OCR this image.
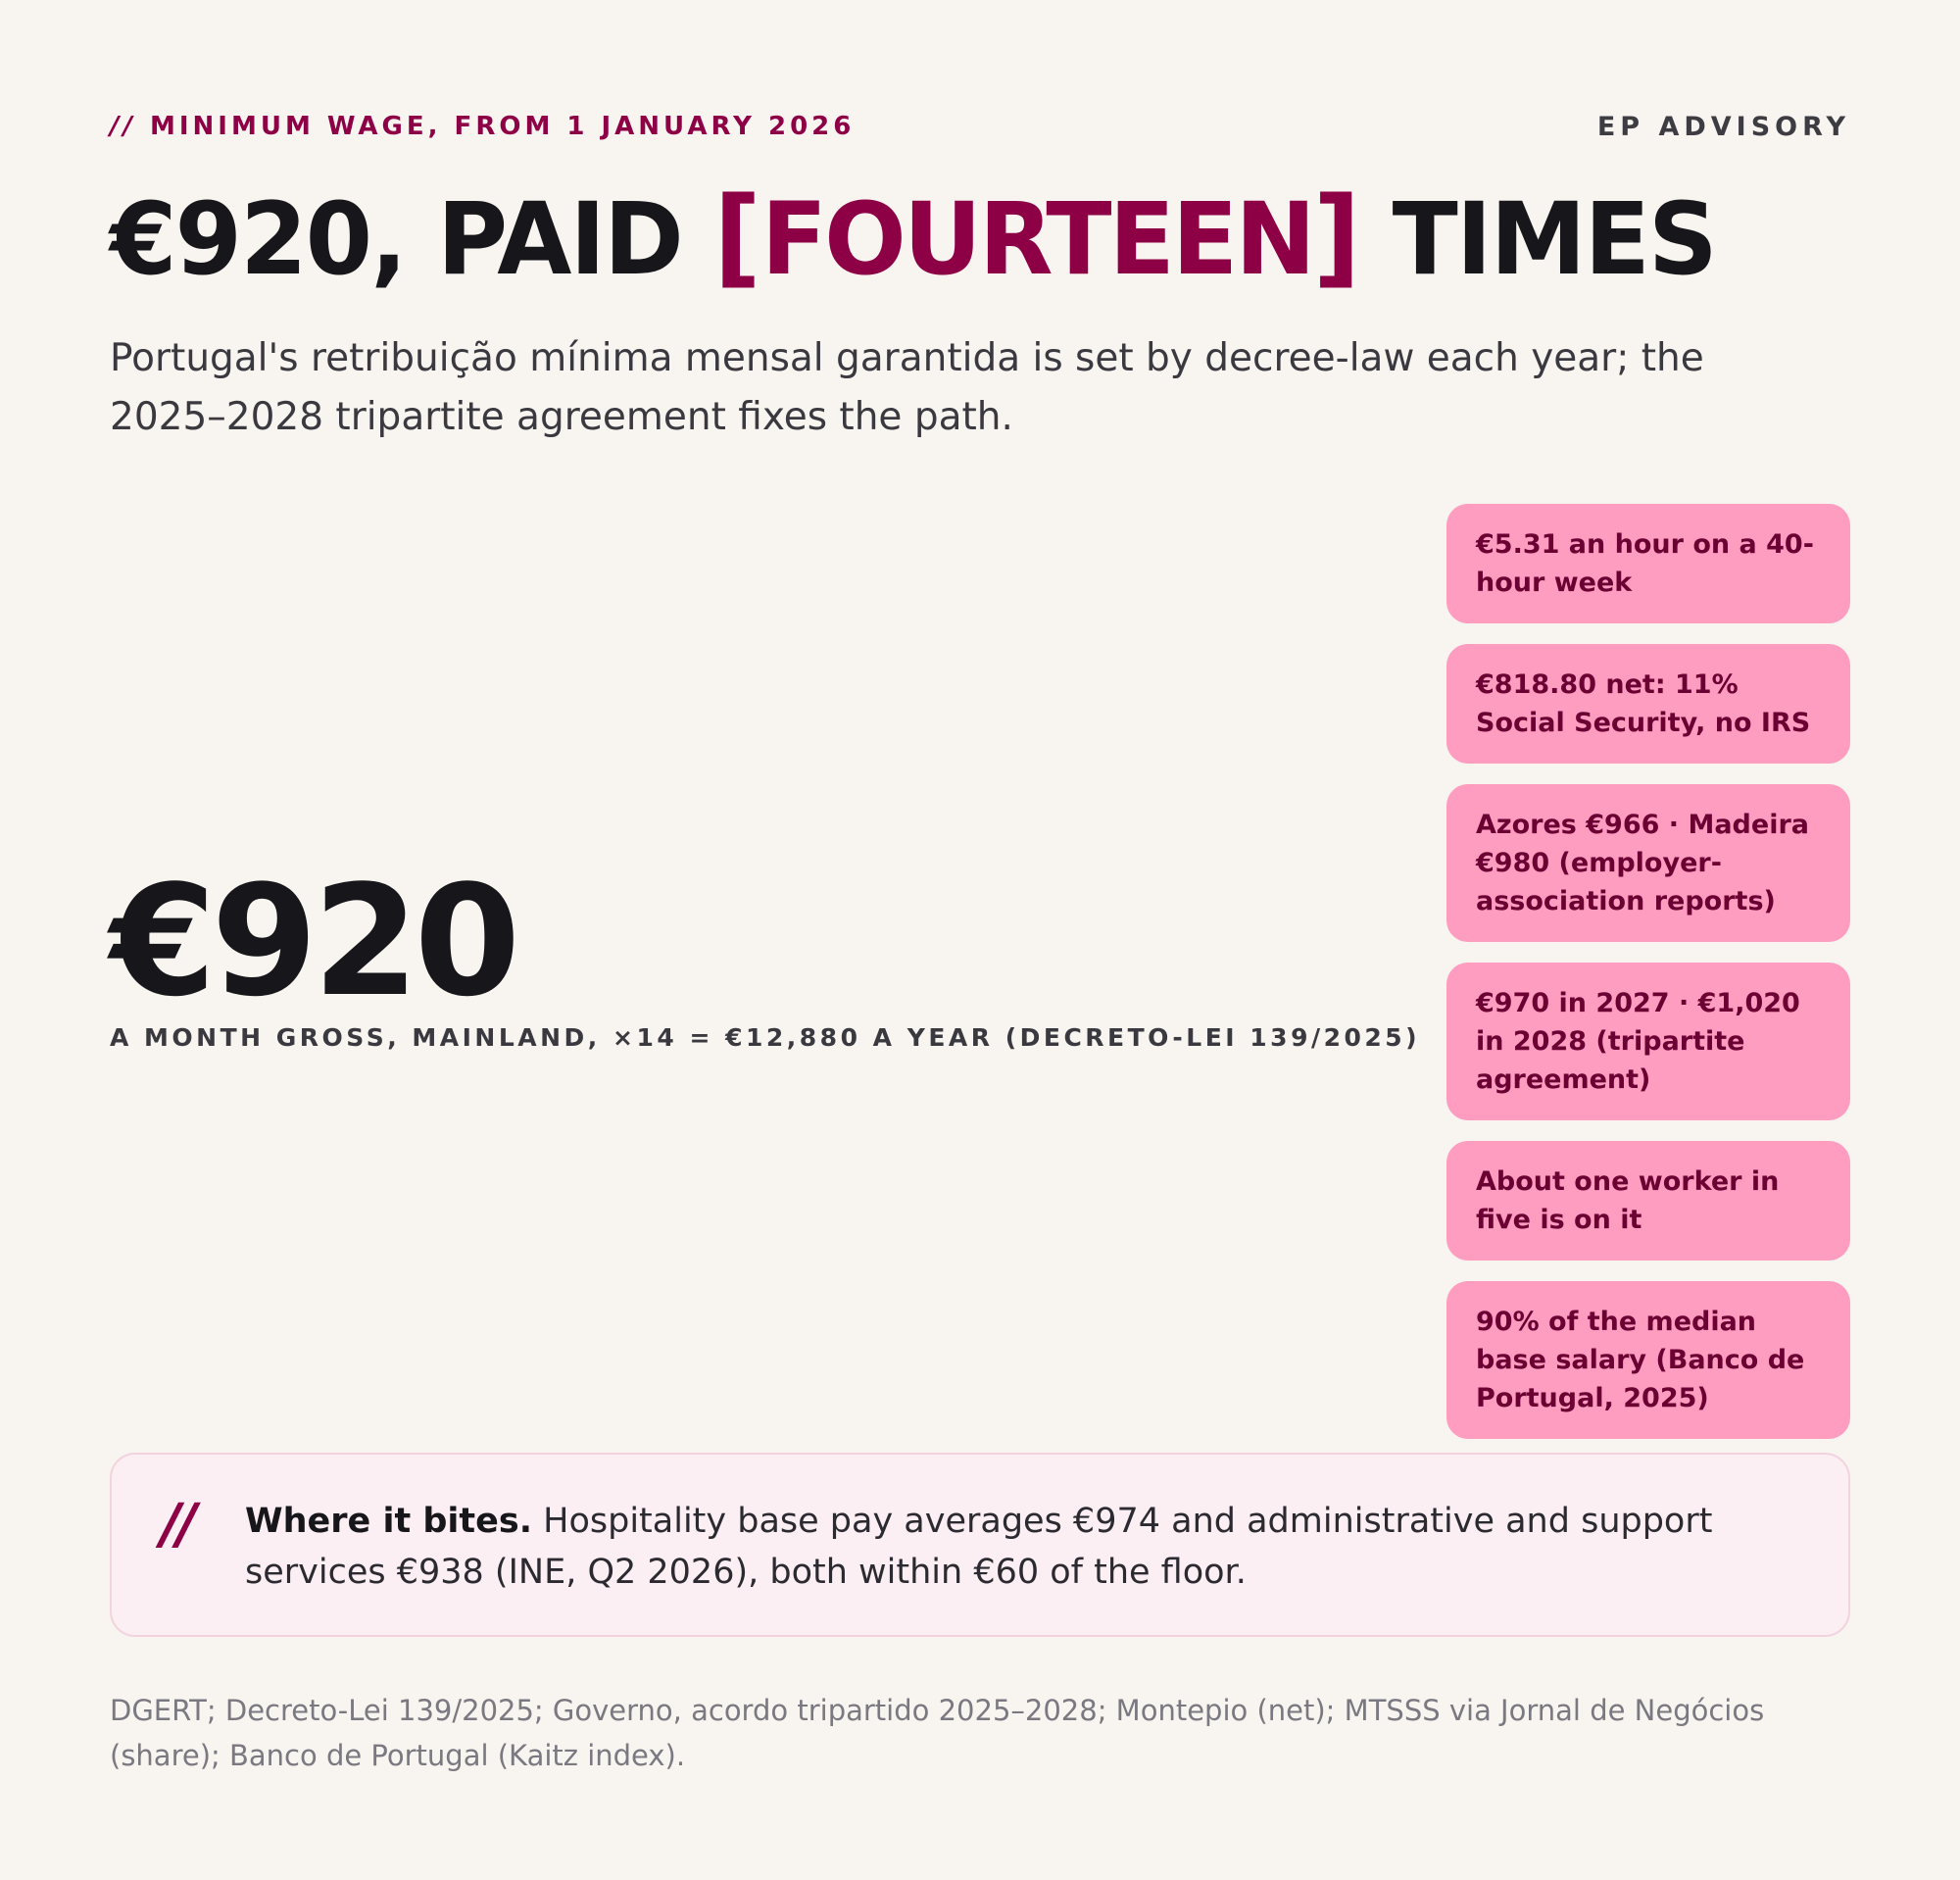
// MINIMUM WAGE, FROM 1 JANUARY 2026	EP ADVISORY
€920, PAID [FOURTEEN] TIMES
Portugal's retribuição mínima mensal garantida is set by decree-law each year; the 2025–2028 tripartite agreement fixes the path.
€920
A MONTH GROSS, MAINLAND, ×14 = €12,880 A YEAR (DECRETO-LEI 139/2025)
€5.31 an hour on a 40-hour week
€818.80 net: 11% Social Security, no IRS
Azores €966 · Madeira €980 (employer-association reports)
€970 in 2027 · €1,020 in 2028 (tripartite agreement)
About one worker in five is on it
90% of the median base salary (Banco de Portugal, 2025)
// Where it bites. Hospitality base pay averages €974 and administrative and support services €938 (INE, Q2 2026), both within €60 of the floor.
DGERT; Decreto-Lei 139/2025; Governo, acordo tripartido 2025–2028; Montepio (net); MTSSS via Jornal de Negócios (share); Banco de Portugal (Kaitz index).
